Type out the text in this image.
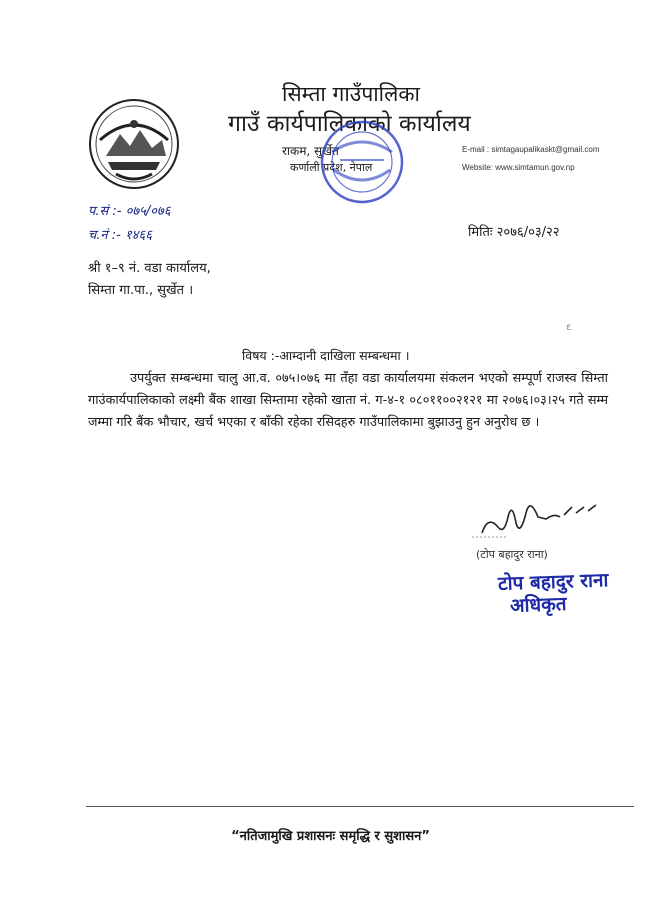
सिम्ता गाउँपालिका
गाउँ कार्यपालिकाको कार्यालय
राकम, सुर्खेत
कर्णाली प्रदेश, नेपाल
E-mail : simtagaupalikaskt@gmail.com
Website: www.simtamun.gov.np
प.सं :- ०७५/०७६
च.नं :- १४६६	मितिः २०७६/०३/२२
श्री १–९ नं. वडा कार्यालय,
सिम्ता गा.पा., सुर्खेत ।
ε
विषय :-आम्दानी दाखिला सम्बन्धमा ।

उपर्युक्त सम्बन्धमा चालु आ.व. ०७५।०७६ मा तँहा वडा कार्यालयमा संकलन भएको सम्पूर्ण राजस्व सिम्ता गाउंकार्यपालिकाको लक्ष्मी बैंक शाखा सिम्तामा रहेको खाता नं. ग-४-१ ०८०११००२१२१ मा २०७६।०३।२५ गते सम्म जम्मा गरि बैंक भौचार, खर्च भएका र बाँकी रहेका रसिदहरु गाउँपालिकामा बुझाउनु हुन अनुरोध छ ।

(टोप बहादुर राना)
टोप बहादुर राना
अधिकृत
“नतिजामुखि प्रशासनः समृद्धि र सुशासन”
